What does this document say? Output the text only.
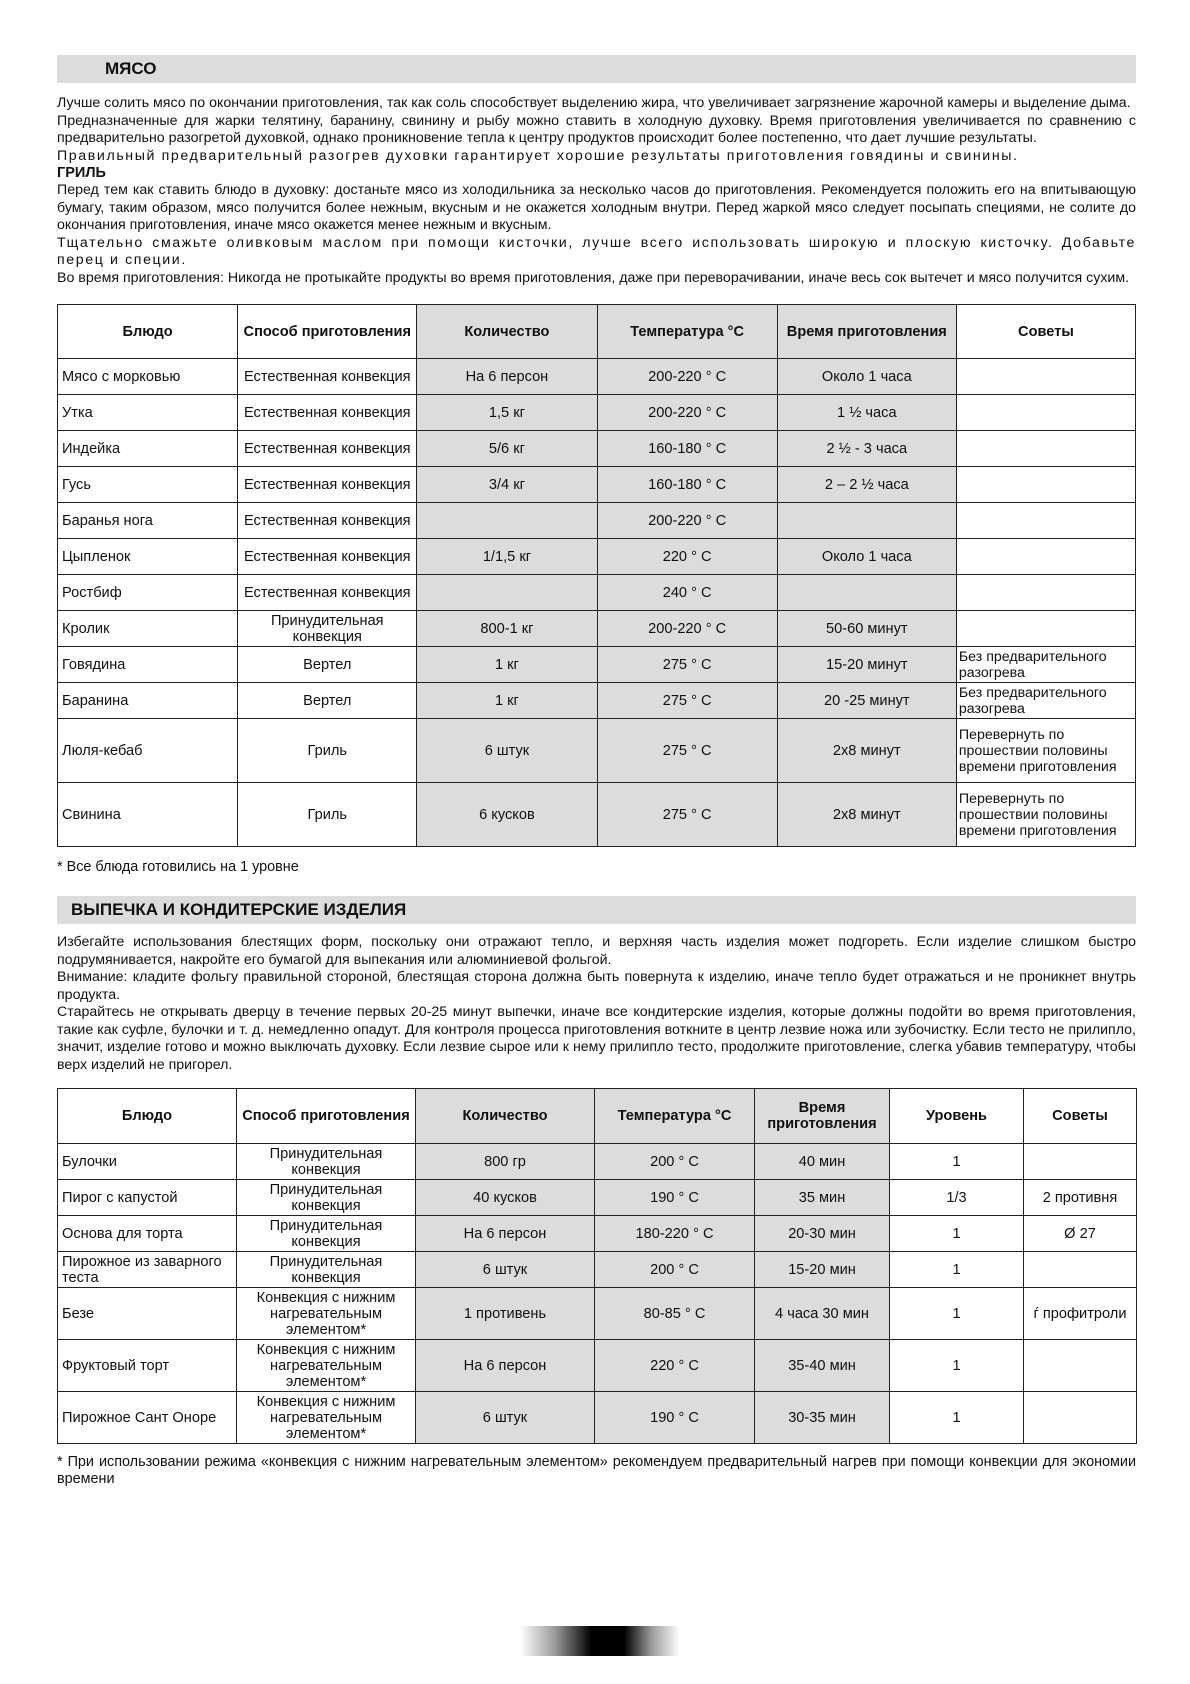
МЯСО

Лучше солить мясо по окончании приготовления, так как соль способствует выделению жира, что увеличивает загрязнение жарочной камеры и выделение дыма.

Предназначенные для жарки телятину, баранину, свинину и рыбу можно ставить в холодную духовку. Время приготовления увеличивается по сравнению с предварительно разогретой духовкой, однако проникновение тепла к центру продуктов происходит более постепенно, что дает лучшие результаты.

Правильный предварительный разогрев духовки гарантирует хорошие результаты приготовления говядины и свинины.

ГРИЛЬ

Перед тем как ставить блюдо в духовку: достаньте мясо из холодильника за несколько часов до приготовления. Рекомендуется положить его на впитывающую бумагу, таким образом, мясо получится более нежным, вкусным и не окажется холодным внутри. Перед жаркой мясо следует посыпать специями, не солите до окончания приготовления, иначе мясо окажется менее нежным и вкусным.

Тщательно смажьте оливковым маслом при помощи кисточки, лучше всего использовать широкую и плоскую кисточку. Добавьте перец и специи.

Во время приготовления: Никогда не протыкайте продукты во время приготовления, даже при переворачивании, иначе весь сок вытечет и мясо получится сухим.

Блюдо	Способ приготовления	Количество	Температура °С	Время приготовления	Советы
Мясо с морковью	Естественная конвекция	На 6 персон	200-220 ° С	Около 1 часа	
Утка	Естественная конвекция	1,5 кг	200-220 ° С	1 ½ часа	
Индейка	Естественная конвекция	5/6 кг	160-180 ° С	2 ½ - 3 часа	
Гусь	Естественная конвекция	3/4 кг	160-180 ° С	2 – 2 ½ часа	
Баранья нога	Естественная конвекция		200-220 ° С		
Цыпленок	Естественная конвекция	1/1,5 кг	220 ° С	Около 1 часа	
Ростбиф	Естественная конвекция		240 ° С		
Кролик	Принудительная конвекция	800-1 кг	200-220 ° С	50-60 минут	
Говядина	Вертел	1 кг	275 ° С	15-20 минут	Без предварительного разогрева
Баранина	Вертел	1 кг	275 ° С	20 -25 минут	Без предварительного разогрева
Люля-кебаб	Гриль	6 штук	275 ° С	2х8 минут	Перевернуть по прошествии половины времени приготовления
Свинина	Гриль	6 кусков	275 ° С	2х8 минут	Перевернуть по прошествии половины времени приготовления

* Все блюда готовились на 1 уровне

ВЫПЕЧКА И КОНДИТЕРСКИЕ ИЗДЕЛИЯ

Избегайте использования блестящих форм, поскольку они отражают тепло, и верхняя часть изделия может подгореть. Если изделие слишком быстро подрумянивается, накройте его бумагой для выпекания или алюминиевой фольгой.

Внимание: кладите фольгу правильной стороной, блестящая сторона должна быть повернута к изделию, иначе тепло будет отражаться и не проникнет внутрь продукта.

Старайтесь не открывать дверцу в течение первых 20-25 минут выпечки, иначе все кондитерские изделия, которые должны подойти во время приготовления, такие как суфле, булочки и т. д. немедленно опадут. Для контроля процесса приготовления воткните в центр лезвие ножа или зубочистку. Если тесто не прилипло, значит, изделие готово и можно выключать духовку. Если лезвие сырое или к нему прилипло тесто, продолжите приготовление, слегка убавив температуру, чтобы верх изделий не пригорел.

Блюдо	Способ приготовления	Количество	Температура °С	Время приготовления	Уровень	Советы
Булочки	Принудительная конвекция	800 гр	200 ° С	40 мин	1	
Пирог с капустой	Принудительная конвекция	40 кусков	190 ° С	35 мин	1/3	2 противня
Основа для торта	Принудительная конвекция	На 6 персон	180-220 ° С	20-30 мин	1	Ø 27
Пирожное из заварного теста	Принудительная конвекция	6 штук	200 ° С	15-20 мин	1	
Безе	Конвекция с нижним нагревательным элементом*	1 противень	80-85 ° С	4 часа 30 мин	1	ѓ профитроли
Фруктовый торт	Конвекция с нижним нагревательным элементом*	На 6 персон	220 ° С	35-40 мин	1	
Пирожное Сант Оноре	Конвекция с нижним нагревательным элементом*	6 штук	190 ° С	30-35 мин	1	

* При использовании режима «конвекция с нижним нагревательным элементом» рекомендуем предварительный нагрев при помощи конвекции для экономии времени
